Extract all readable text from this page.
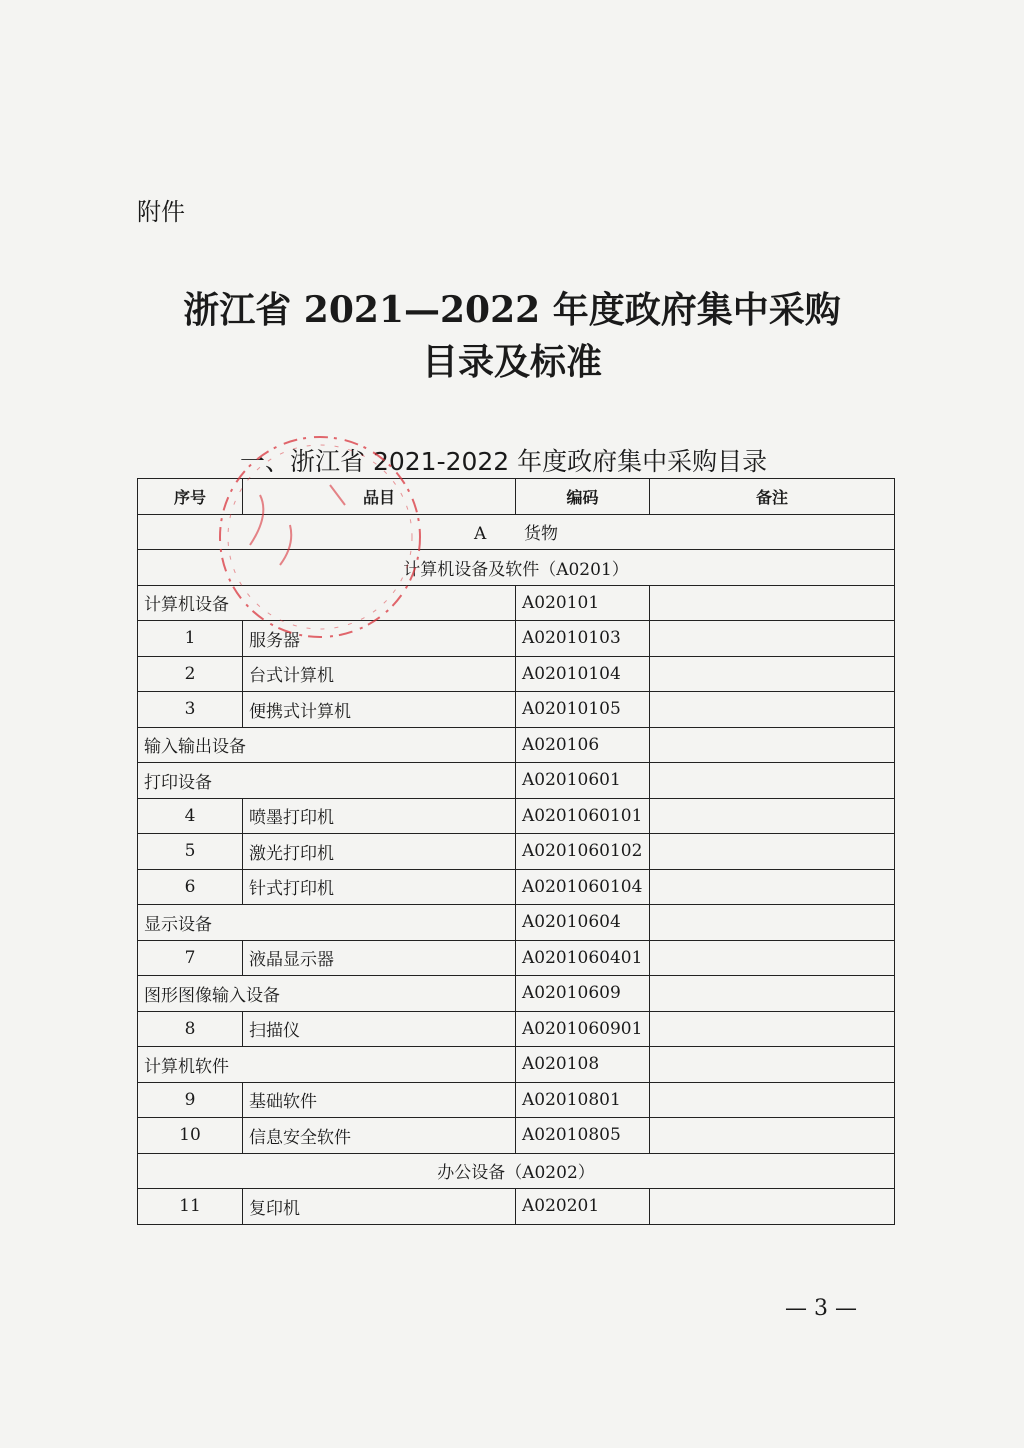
附件
浙江省 2021—2022 年度政府集中采购
目录及标准
一、浙江省 2021-2022 年度政府集中采购目录
序号	品目	编码	备注
A 货物			
计算机设备及软件（A0201）			
计算机设备		A020101	
1	服务器	A02010103	
2	台式计算机	A02010104	
3	便携式计算机	A02010105	
输入输出设备		A020106	
打印设备		A02010601	
4	喷墨打印机	A0201060101	
5	激光打印机	A0201060102	
6	针式打印机	A0201060104	
显示设备		A02010604	
7	液晶显示器	A0201060401	
图形图像输入设备		A02010609	
8	扫描仪	A0201060901	
计算机软件		A020108	
9	基础软件	A02010801	
10	信息安全软件	A02010805	
办公设备（A0202）			
11	复印机	A020201	
— 3 —
